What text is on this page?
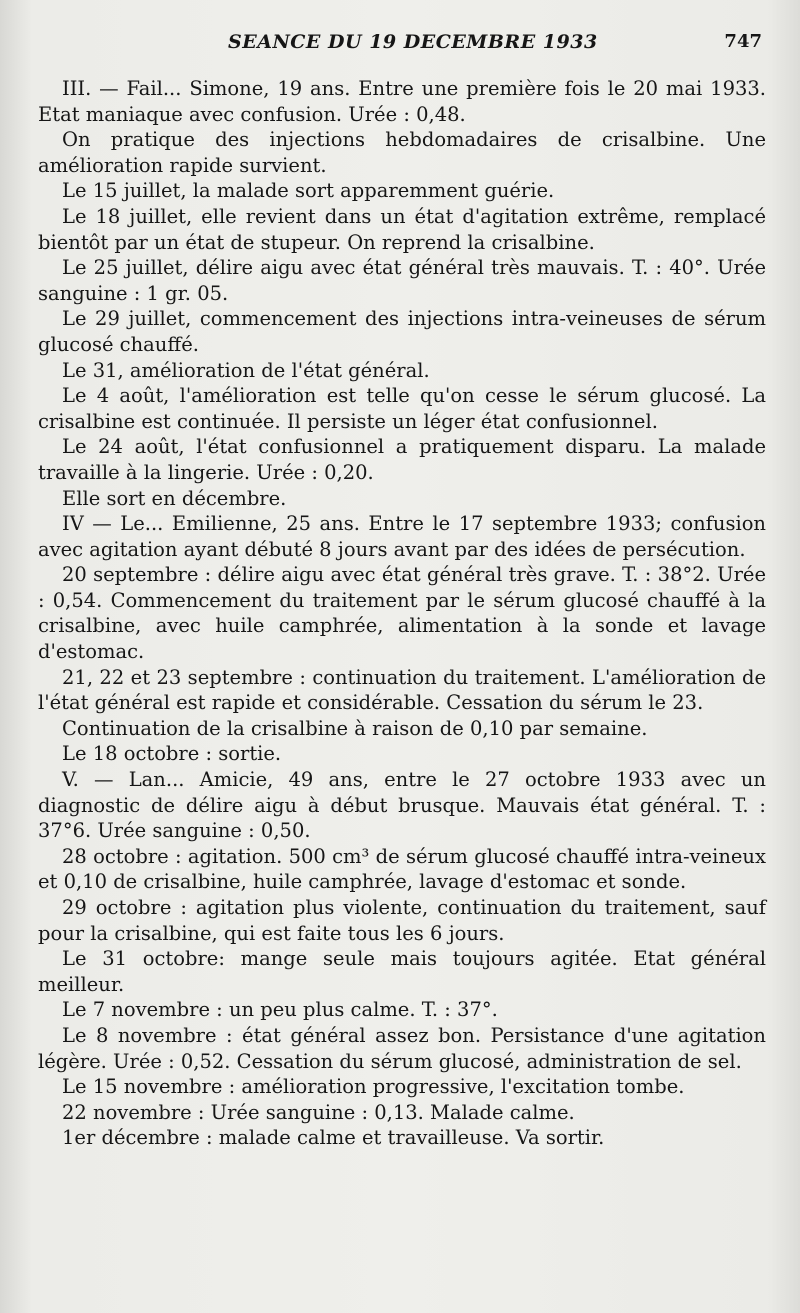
SEANCE DU 19 DECEMBRE 1933	747

III. — Fail... Simone, 19 ans. Entre une première fois le 20 mai 1933. Etat maniaque avec confusion. Urée : 0,48.

On pratique des injections hebdomadaires de crisalbine. Une amélioration rapide survient.

Le 15 juillet, la malade sort apparemment guérie.

Le 18 juillet, elle revient dans un état d'agitation extrême, remplacé bientôt par un état de stupeur. On reprend la crisalbine.

Le 25 juillet, délire aigu avec état général très mauvais. T. : 40°. Urée sanguine : 1 gr. 05.

Le 29 juillet, commencement des injections intra-veineuses de sérum glucosé chauffé.

Le 31, amélioration de l'état général.

Le 4 août, l'amélioration est telle qu'on cesse le sérum glucosé. La crisalbine est continuée. Il persiste un léger état confusionnel.

Le 24 août, l'état confusionnel a pratiquement disparu. La malade travaille à la lingerie. Urée : 0,20.

Elle sort en décembre.

IV — Le... Emilienne, 25 ans. Entre le 17 septembre 1933; confusion avec agitation ayant débuté 8 jours avant par des idées de persécution.

20 septembre : délire aigu avec état général très grave. T. : 38°2. Urée : 0,54. Commencement du traitement par le sérum glucosé chauffé à la crisalbine, avec huile camphrée, alimentation à la sonde et lavage d'estomac.

21, 22 et 23 septembre : continuation du traitement. L'amélioration de l'état général est rapide et considérable. Cessation du sérum le 23.

Continuation de la crisalbine à raison de 0,10 par semaine.

Le 18 octobre : sortie.

V. — Lan... Amicie, 49 ans, entre le 27 octobre 1933 avec un diagnostic de délire aigu à début brusque. Mauvais état général. T. : 37°6. Urée sanguine : 0,50.

28 octobre : agitation. 500 cm³ de sérum glucosé chauffé intra-veineux et 0,10 de crisalbine, huile camphrée, lavage d'estomac et sonde.

29 octobre : agitation plus violente, continuation du traitement, sauf pour la crisalbine, qui est faite tous les 6 jours.

Le 31 octobre: mange seule mais toujours agitée. Etat général meilleur.

Le 7 novembre : un peu plus calme. T. : 37°.

Le 8 novembre : état général assez bon. Persistance d'une agitation légère. Urée : 0,52. Cessation du sérum glucosé, administration de sel.

Le 15 novembre : amélioration progressive, l'excitation tombe.

22 novembre : Urée sanguine : 0,13. Malade calme.

1er décembre : malade calme et travailleuse. Va sortir.
